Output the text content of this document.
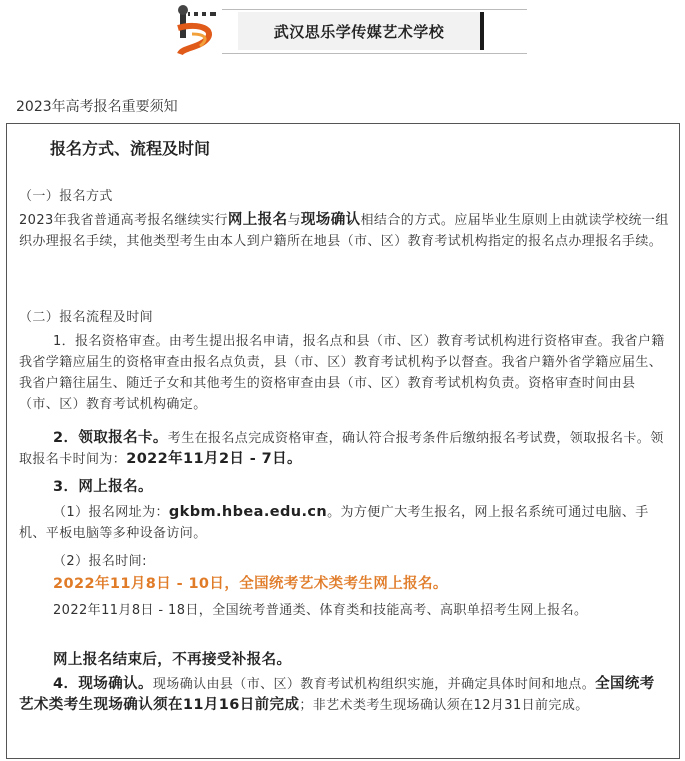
武汉思乐学传媒艺术学校
2023年高考报名重要须知
报名方式、流程及时间
（一）报名方式
2023年我省普通高考报名继续实行网上报名与现场确认相结合的方式。应届毕业生原则上由就读学校统一组织办理报名手续，其他类型考生由本人到户籍所在地县（市、区）教育考试机构指定的报名点办理报名手续。
（二）报名流程及时间
1．报名资格审查。由考生提出报名申请，报名点和县（市、区）教育考试机构进行资格审查。我省户籍我省学籍应届生的资格审查由报名点负责，县（市、区）教育考试机构予以督查。我省户籍外省学籍应届生、我省户籍往届生、随迁子女和其他考生的资格审查由县（市、区）教育考试机构负责。资格审查时间由县（市、区）教育考试机构确定。
2．领取报名卡。考生在报名点完成资格审查，确认符合报考条件后缴纳报名考试费，领取报名卡。领取报名卡时间为：2022年11月2日 - 7日。
3．网上报名。
（1）报名网址为：gkbm.hbea.edu.cn。为方便广大考生报名，网上报名系统可通过电脑、手机、平板电脑等多种设备访问。
（2）报名时间:
2022年11月8日 - 10日，全国统考艺术类考生网上报名。
2022年11月8日 - 18日，全国统考普通类、体育类和技能高考、高职单招考生网上报名。
网上报名结束后，不再接受补报名。
4．现场确认。现场确认由县（市、区）教育考试机构组织实施，并确定具体时间和地点。全国统考艺术类考生现场确认须在11月16日前完成；非艺术类考生现场确认须在12月31日前完成。
